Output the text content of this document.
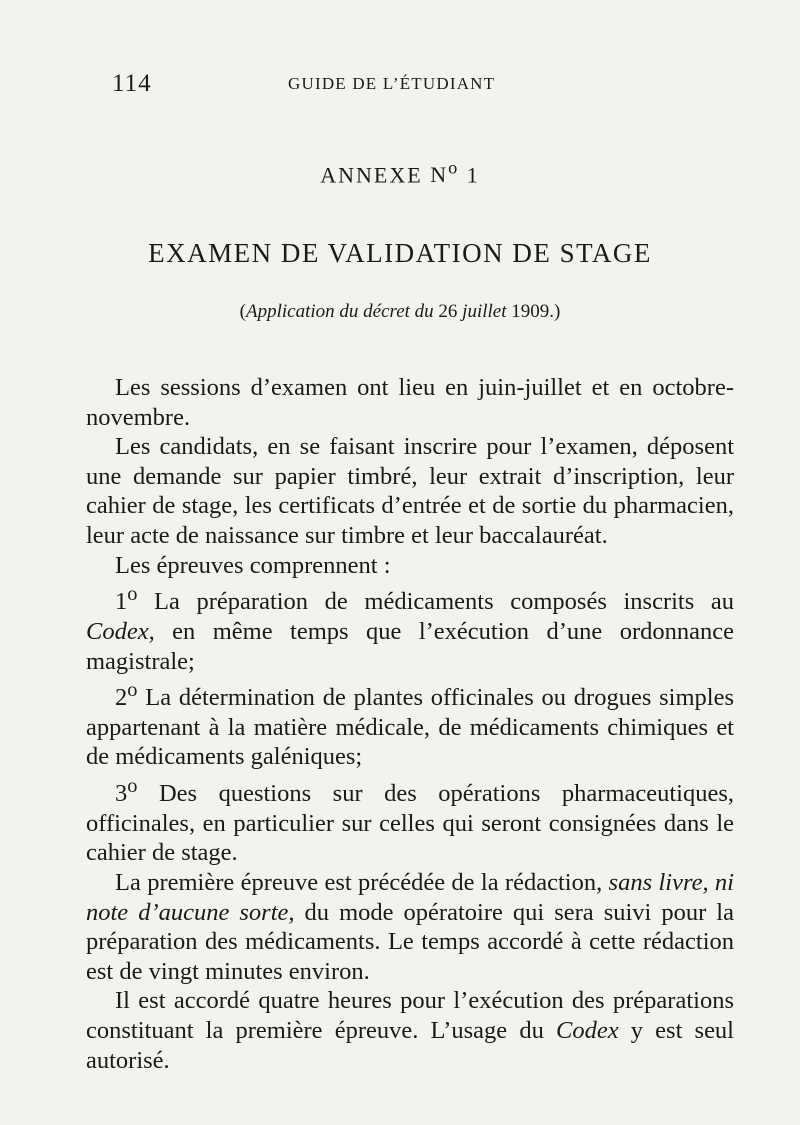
114	GUIDE DE L’ÉTUDIANT
ANNEXE $N^o$ 1
EXAMEN DE VALIDATION DE STAGE
(Application du décret du 26 juillet 1909.)

Les sessions d’examen ont lieu en juin-juillet et en octobre-novembre.

Les candidats, en se faisant inscrire pour l’examen, déposent une demande sur papier timbré, leur extrait d’inscription, leur cahier de stage, les certificats d’entrée et de sortie du pharmacien, leur acte de naissance sur timbre et leur baccalauréat.

Les épreuves comprennent :

1$^o$ La préparation de médicaments composés inscrits au Codex, en même temps que l’exécution d’une ordonnance magistrale;

2$^o$ La détermination de plantes officinales ou drogues simples appartenant à la matière médicale, de médicaments chimiques et de médicaments galéniques;

3$^o$ Des questions sur des opérations pharmaceutiques, officinales, en particulier sur celles qui seront consignées dans le cahier de stage.

La première épreuve est précédée de la rédaction, sans livre, ni note d’aucune sorte, du mode opératoire qui sera suivi pour la préparation des médicaments. Le temps accordé à cette rédaction est de vingt minutes environ.

Il est accordé quatre heures pour l’exécution des préparations constituant la première épreuve. L’usage du Codex y est seul autorisé.
